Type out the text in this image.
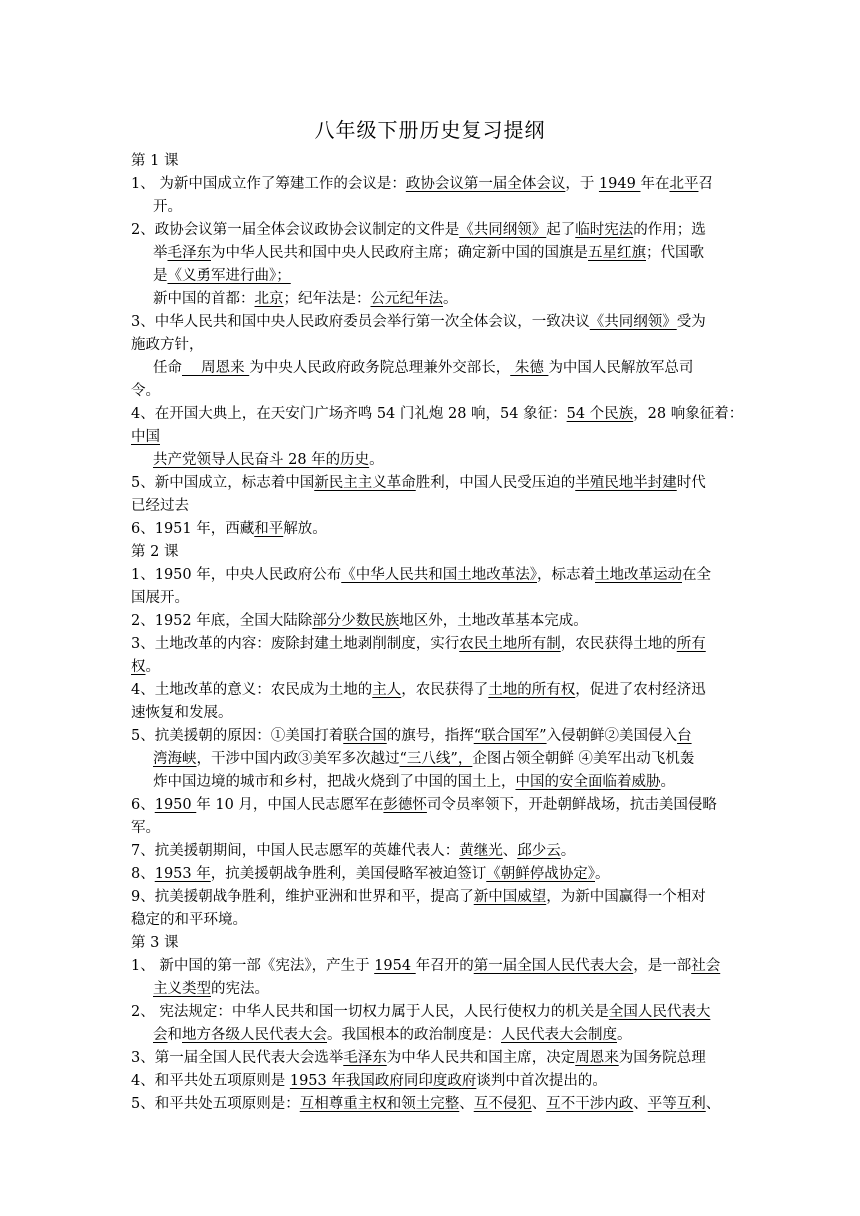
八年级下册历史复习提纲
第 1 课
1、 为新中国成立作了筹建工作的会议是：政协会议第一届全体会议，于 1949 年在北平召
开。
2、政协会议第一届全体会议政协会议制定的文件是《共同纲领》起了临时宪法的作用；选
举毛泽东为中华人民共和国中央人民政府主席；确定新中国的国旗是五星红旗；代国歌
是《义勇军进行曲》；
新中国的首都：北京；纪年法是：公元纪年法。
3、中华人民共和国中央人民政府委员会举行第一次全体会议，一致决议《共同纲领》受为
施政方针，
任命　 周恩来 为中央人民政府政务院总理兼外交部长， 朱德 为中国人民解放军总司
令。
4、在开国大典上，在天安门广场齐鸣 54 门礼炮 28 响，54 象征：54 个民族，28 响象征着：
中国
共产党领导人民奋斗 28 年的历史。
5、新中国成立，标志着中国新民主主义革命胜利，中国人民受压迫的半殖民地半封建时代
已经过去
6、1951 年，西藏和平解放。
第 2 课
1、1950 年，中央人民政府公布《中华人民共和国土地改革法》，标志着土地改革运动在全
国展开。
2、1952 年底，全国大陆除部分少数民族地区外，土地改革基本完成。
3、土地改革的内容：废除封建土地剥削制度，实行农民土地所有制，农民获得土地的所有
权。
4、土地改革的意义：农民成为土地的主人，农民获得了土地的所有权，促进了农村经济迅
速恢复和发展。
5、抗美援朝的原因：①美国打着联合国的旗号，指挥“联合国军”入侵朝鲜②美国侵入台
湾海峡，干涉中国内政③美军多次越过“三八线”，企图占领全朝鲜 ④美军出动飞机轰
炸中国边境的城市和乡村，把战火烧到了中国的国土上，中国的安全面临着威胁。
6、1950 年 10 月，中国人民志愿军在彭德怀司令员率领下，开赴朝鲜战场，抗击美国侵略
军。
7、抗美援朝期间，中国人民志愿军的英雄代表人：黄继光、邱少云。
8、1953 年，抗美援朝战争胜利，美国侵略军被迫签订《朝鲜停战协定》。
9、抗美援朝战争胜利，维护亚洲和世界和平，提高了新中国威望，为新中国赢得一个相对
稳定的和平环境。
第 3 课
1、 新中国的第一部《宪法》，产生于 1954 年召开的第一届全国人民代表大会，是一部社会
主义类型的宪法。
2、 宪法规定：中华人民共和国一切权力属于人民，人民行使权力的机关是全国人民代表大
会和地方各级人民代表大会。我国根本的政治制度是：人民代表大会制度。
3、第一届全国人民代表大会选举毛泽东为中华人民共和国主席，决定周恩来为国务院总理
4、和平共处五项原则是 1953 年我国政府同印度政府谈判中首次提出的。
5、和平共处五项原则是：互相尊重主权和领土完整、互不侵犯、互不干涉内政、平等互利、
